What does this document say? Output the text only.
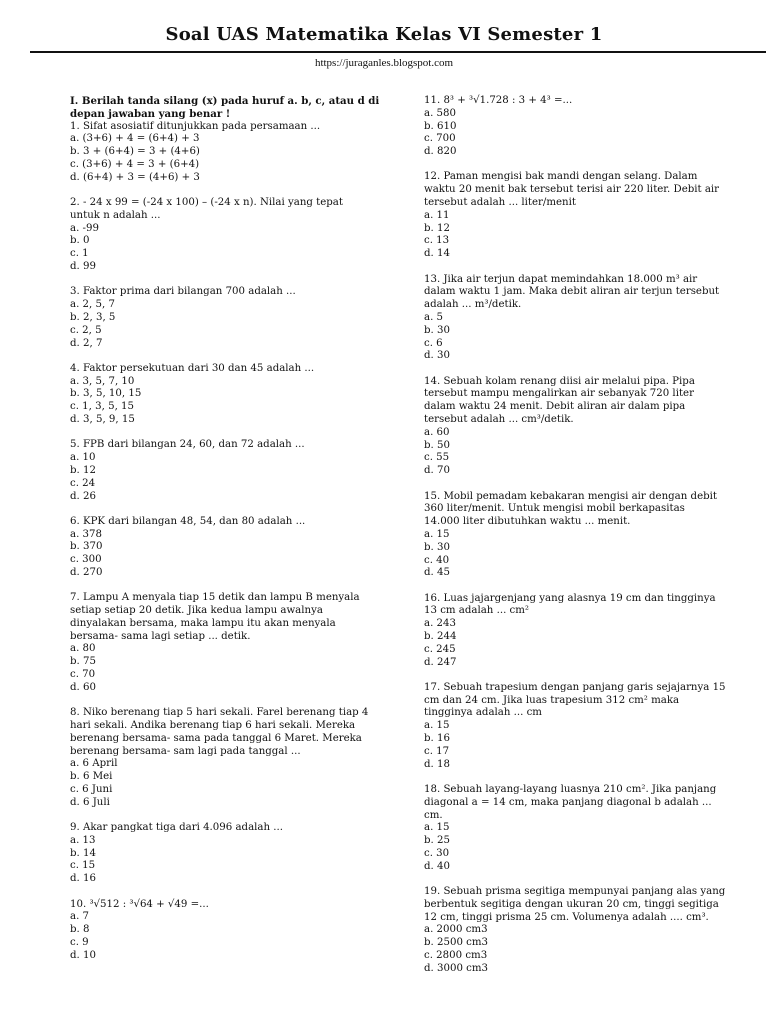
Soal UAS Matematika Kelas VI Semester 1
https://juraganles.blogspot.com

I. Berilah tanda silang (x) pada huruf a. b, c, atau d di
depan jawaban yang benar !

1. Sifat asosiatif ditunjukkan pada persamaan ...

a. (3+6) + 4 = (6+4) + 3
b. 3 + (6+4) = 3 + (4+6)
c. (3+6) + 4 = 3 + (6+4)
d. (6+4) + 3 = (4+6) + 3

2. - 24 x 99 = (-24 x 100) – (-24 x n). Nilai yang tepat
untuk n adalah ...

a. -99
b. 0
c. 1
d. 99

3. Faktor prima dari bilangan 700 adalah ...

a. 2, 5, 7
b. 2, 3, 5
c. 2, 5
d. 2, 7

4. Faktor persekutuan dari 30 dan 45 adalah ...

a. 3, 5, 7, 10
b. 3, 5, 10, 15
c. 1, 3, 5, 15
d. 3, 5, 9, 15

5. FPB dari bilangan 24, 60, dan 72 adalah ...

a. 10
b. 12
c. 24
d. 26

6. KPK dari bilangan 48, 54, dan 80 adalah ...

a. 378
b. 370
c. 300
d. 270

7. Lampu A menyala tiap 15 detik dan lampu B menyala
setiap setiap 20 detik. Jika kedua lampu awalnya
dinyalakan bersama, maka lampu itu akan menyala
bersama- sama lagi setiap ... detik.

a. 80
b. 75
c. 70
d. 60

8. Niko berenang tiap 5 hari sekali. Farel berenang tiap 4
hari sekali. Andika berenang tiap 6 hari sekali. Mereka
berenang bersama- sama pada tanggal 6 Maret. Mereka
berenang bersama- sam lagi pada tanggal ...

a. 6 April
b. 6 Mei
c. 6 Juni
d. 6 Juli

9. Akar pangkat tiga dari 4.096 adalah ...

a. 13
b. 14
c. 15
d. 16

10. ³√512 : ³√64 + √49 =...

a. 7
b. 8
c. 9
d. 10

11. 8³ + ³√1.728 : 3 + 4³ =...

a. 580
b. 610
c. 700
d. 820

12. Paman mengisi bak mandi dengan selang. Dalam
waktu 20 menit bak tersebut terisi air 220 liter. Debit air
tersebut adalah ... liter/menit

a. 11
b. 12
c. 13
d. 14

13. Jika air terjun dapat memindahkan 18.000 m³ air
dalam waktu 1 jam. Maka debit aliran air terjun tersebut
adalah ... m³/detik.

a. 5
b. 30
c. 6
d. 30

14. Sebuah kolam renang diisi air melalui pipa. Pipa
tersebut mampu mengalirkan air sebanyak 720 liter
dalam waktu 24 menit. Debit aliran air dalam pipa
tersebut adalah ... cm³/detik.

a. 60
b. 50
c. 55
d. 70

15. Mobil pemadam kebakaran mengisi air dengan debit
360 liter/menit. Untuk mengisi mobil berkapasitas
14.000 liter dibutuhkan waktu ... menit.

a. 15
b. 30
c. 40
d. 45

16. Luas jajargenjang yang alasnya 19 cm dan tingginya
13 cm adalah ... cm²

a. 243
b. 244
c. 245
d. 247

17. Sebuah trapesium dengan panjang garis sejajarnya 15
cm dan 24 cm. Jika luas trapesium 312 cm² maka
tingginya adalah ... cm

a. 15
b. 16
c. 17
d. 18

18. Sebuah layang-layang luasnya 210 cm². Jika panjang
diagonal a = 14 cm, maka panjang diagonal b adalah ...
cm.

a. 15
b. 25
c. 30
d. 40

19. Sebuah prisma segitiga mempunyai panjang alas yang
berbentuk segitiga dengan ukuran 20 cm, tinggi segitiga
12 cm, tinggi prisma 25 cm. Volumenya adalah .... cm³.

a. 2000 cm3
b. 2500 cm3
c. 2800 cm3
d. 3000 cm3
